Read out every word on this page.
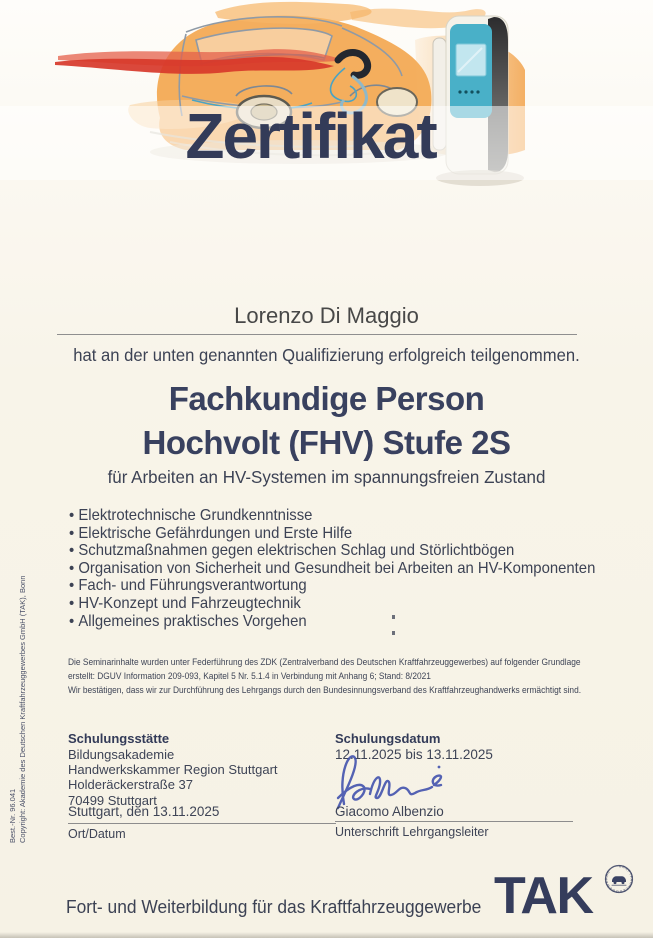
Zertifikat
Lorenzo Di Maggio
hat an der unten genannten Qualifizierung erfolgreich teilgenommen.
Fachkundige Person
Hochvolt (FHV) Stufe 2S
für Arbeiten an HV-Systemen im spannungsfreien Zustand
• Elektrotechnische Grundkenntnisse
• Elektrische Gefährdungen und Erste Hilfe
• Schutzmaßnahmen gegen elektrischen Schlag und Störlichtbögen
• Organisation von Sicherheit und Gesundheit bei Arbeiten an HV-Komponenten
• Fach- und Führungsverantwortung
• HV-Konzept und Fahrzeugtechnik
• Allgemeines praktisches Vorgehen
Die Seminarinhalte wurden unter Federführung des ZDK (Zentralverband des Deutschen Kraftfahrzeuggewerbes) auf folgender Grundlage
erstellt: DGUV Information 209-093, Kapitel 5 Nr. 5.1.4 in Verbindung mit Anhang 6; Stand: 8/2021
Wir bestätigen, dass wir zur Durchführung des Lehrgangs durch den Bundesinnungsverband des Kraftfahrzeughandwerks ermächtigt sind.
Schulungsstätte
Bildungsakademie
Handwerkskammer Region Stuttgart
Holderäckerstraße 37
70499 Stuttgart
Stuttgart, den 13.11.2025
Ort/Datum
Schulungsdatum
12.11.2025 bis 13.11.2025
Giacomo Albenzio
Unterschrift Lehrgangsleiter
Fort- und Weiterbildung für das Kraftfahrzeuggewerbe TAK
KRAFTFAHRZEUGGEWERBE
Best.-Nr. 96.041 Copyright: Akademie des Deutschen Kraftfahrzeuggewerbes GmbH (TAK), Bonn
